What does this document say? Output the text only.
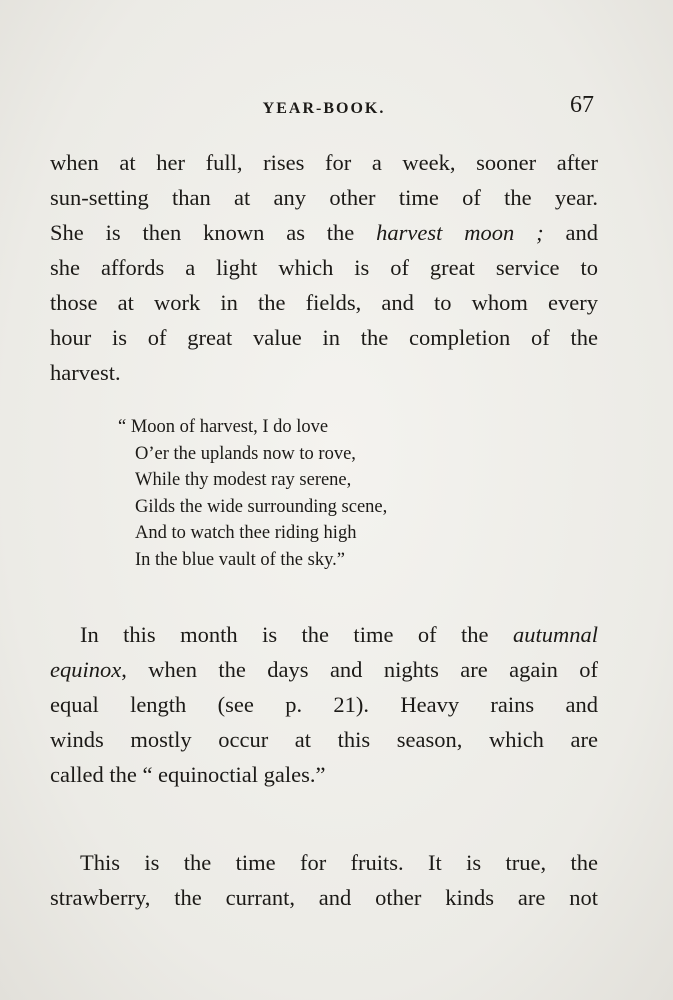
YEAR-BOOK.	67
when at her full, rises for a week, sooner after
sun-setting than at any other time of the year.
She is then known as the harvest moon ; and
she affords a light which is of great service to
those at work in the fields, and to whom every
hour is of great value in the completion of the
harvest.
“ Moon of harvest, I do love
O’er the uplands now to rove,
While thy modest ray serene,
Gilds the wide surrounding scene,
And to watch thee riding high
In the blue vault of the sky.”
In this month is the time of the autumnal
equinox, when the days and nights are again of
equal length (see p. 21). Heavy rains and
winds mostly occur at this season, which are
called the “ equinoctial gales.”
This is the time for fruits. It is true, the
strawberry, the currant, and other kinds are not
